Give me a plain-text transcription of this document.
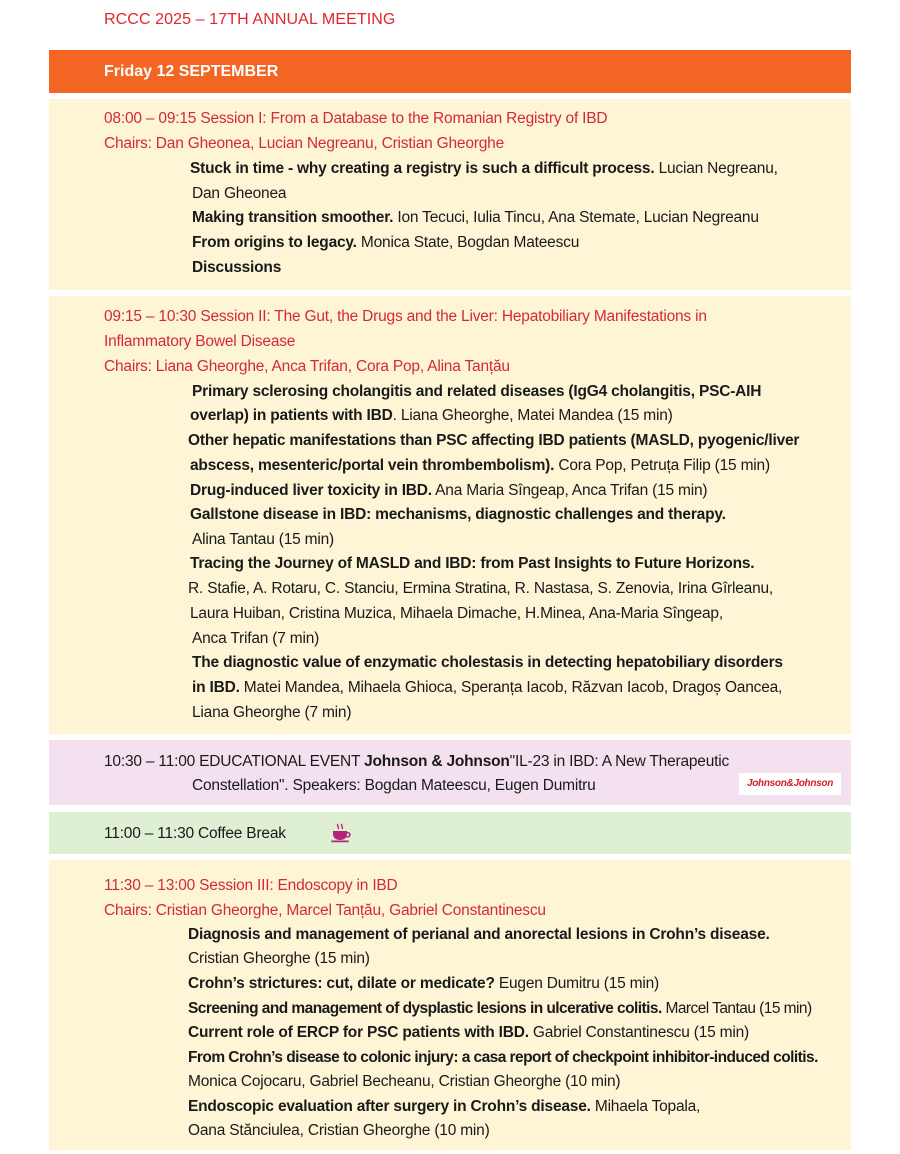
RCCC 2025 – 17TH ANNUAL MEETING
Friday 12 SEPTEMBER
08:00 – 09:15 Session I: From a Database to the Romanian Registry of IBD
Chairs: Dan Gheonea, Lucian Negreanu, Cristian Gheorghe
Stuck in time - why creating a registry is such a difficult process. Lucian Negreanu,
Dan Gheonea
Making transition smoother. Ion Tecuci, Iulia Tincu, Ana Stemate, Lucian Negreanu
From origins to legacy. Monica State, Bogdan Mateescu
Discussions
09:15 – 10:30 Session II: The Gut, the Drugs and the Liver: Hepatobiliary Manifestations in
Inflammatory Bowel Disease
Chairs: Liana Gheorghe, Anca Trifan, Cora Pop, Alina Tanțău
Primary sclerosing cholangitis and related diseases (IgG4 cholangitis, PSC-AIH
overlap) in patients with IBD. Liana Gheorghe, Matei Mandea (15 min)
Other hepatic manifestations than PSC affecting IBD patients (MASLD, pyogenic/liver
abscess, mesenteric/portal vein thrombembolism). Cora Pop, Petruța Filip (15 min)
Drug-induced liver toxicity in IBD. Ana Maria Sîngeap, Anca Trifan (15 min)
Gallstone disease in IBD: mechanisms, diagnostic challenges and therapy.
Alina Tantau (15 min)
Tracing the Journey of MASLD and IBD: from Past Insights to Future Horizons.
R. Stafie, A. Rotaru, C. Stanciu, Ermina Stratina, R. Nastasa, S. Zenovia, Irina Gîrleanu,
Laura Huiban, Cristina Muzica, Mihaela Dimache, H.Minea, Ana-Maria Sîngeap,
Anca Trifan (7 min)
The diagnostic value of enzymatic cholestasis in detecting hepatobiliary disorders
in IBD. Matei Mandea, Mihaela Ghioca, Speranța Iacob, Răzvan Iacob, Dragoș Oancea,
Liana Gheorghe (7 min)
10:30 – 11:00 EDUCATIONAL EVENT Johnson & Johnson"IL-23 in IBD: A New Therapeutic
Constellation". Speakers: Bogdan Mateescu, Eugen Dumitru	Johnson&Johnson
11:00 – 11:30 Coffee Break
11:30 – 13:00 Session III: Endoscopy in IBD
Chairs: Cristian Gheorghe, Marcel Tanțău, Gabriel Constantinescu
Diagnosis and management of perianal and anorectal lesions in Crohn’s disease.
Cristian Gheorghe (15 min)
Crohn’s strictures: cut, dilate or medicate? Eugen Dumitru (15 min)
Screening and management of dysplastic lesions in ulcerative colitis. Marcel Tantau (15 min)
Current role of ERCP for PSC patients with IBD. Gabriel Constantinescu (15 min)
From Crohn’s disease to colonic injury: a casa report of checkpoint inhibitor-induced colitis.
Monica Cojocaru, Gabriel Becheanu, Cristian Gheorghe (10 min)
Endoscopic evaluation after surgery in Crohn’s disease. Mihaela Topala,
Oana Stănciulea, Cristian Gheorghe (10 min)
